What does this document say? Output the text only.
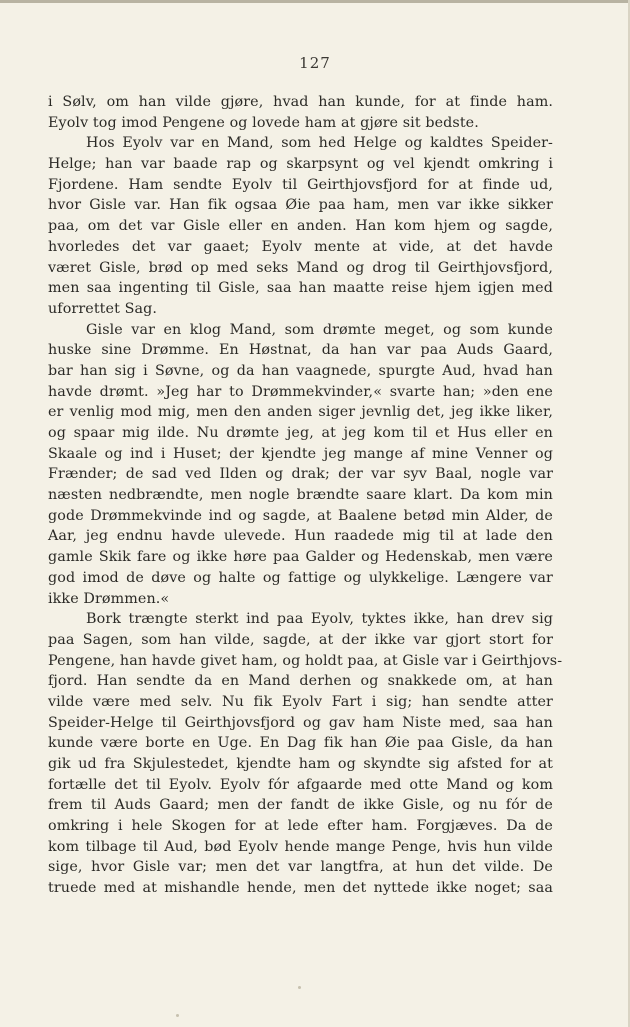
127
i Sølv, om han vilde gjøre, hvad han kunde, for at finde ham.
Eyolv tog imod Pengene og lovede ham at gjøre sit bedste.
Hos Eyolv var en Mand, som hed Helge og kaldtes Speider-
Helge; han var baade rap og skarpsynt og vel kjendt omkring i
Fjordene. Ham sendte Eyolv til Geirthjovsfjord for at finde ud,
hvor Gisle var. Han fik ogsaa Øie paa ham, men var ikke sikker
paa, om det var Gisle eller en anden. Han kom hjem og sagde,
hvorledes det var gaaet; Eyolv mente at vide, at det havde
været Gisle, brød op med seks Mand og drog til Geirthjovsfjord,
men saa ingenting til Gisle, saa han maatte reise hjem igjen med
uforrettet Sag.
Gisle var en klog Mand, som drømte meget, og som kunde
huske sine Drømme. En Høstnat, da han var paa Auds Gaard,
bar han sig i Søvne, og da han vaagnede, spurgte Aud, hvad han
havde drømt. »Jeg har to Drømmekvinder,« svarte han; »den ene
er venlig mod mig, men den anden siger jevnlig det, jeg ikke liker,
og spaar mig ilde. Nu drømte jeg, at jeg kom til et Hus eller en
Skaale og ind i Huset; der kjendte jeg mange af mine Venner og
Frænder; de sad ved Ilden og drak; der var syv Baal, nogle var
næsten nedbrændte, men nogle brændte saare klart. Da kom min
gode Drømmekvinde ind og sagde, at Baalene betød min Alder, de
Aar, jeg endnu havde ulevede. Hun raadede mig til at lade den
gamle Skik fare og ikke høre paa Galder og Hedenskab, men være
god imod de døve og halte og fattige og ulykkelige. Længere var
ikke Drømmen.«
Bork trængte sterkt ind paa Eyolv, tyktes ikke, han drev sig
paa Sagen, som han vilde, sagde, at der ikke var gjort stort for
Pengene, han havde givet ham, og holdt paa, at Gisle var i Geirthjovs-
fjord. Han sendte da en Mand derhen og snakkede om, at han
vilde være med selv. Nu fik Eyolv Fart i sig; han sendte atter
Speider-Helge til Geirthjovsfjord og gav ham Niste med, saa han
kunde være borte en Uge. En Dag fik han Øie paa Gisle, da han
gik ud fra Skjulestedet, kjendte ham og skyndte sig afsted for at
fortælle det til Eyolv. Eyolv fór afgaarde med otte Mand og kom
frem til Auds Gaard; men der fandt de ikke Gisle, og nu fór de
omkring i hele Skogen for at lede efter ham. Forgjæves. Da de
kom tilbage til Aud, bød Eyolv hende mange Penge, hvis hun vilde
sige, hvor Gisle var; men det var langtfra, at hun det vilde. De
truede med at mishandle hende, men det nyttede ikke noget; saa
